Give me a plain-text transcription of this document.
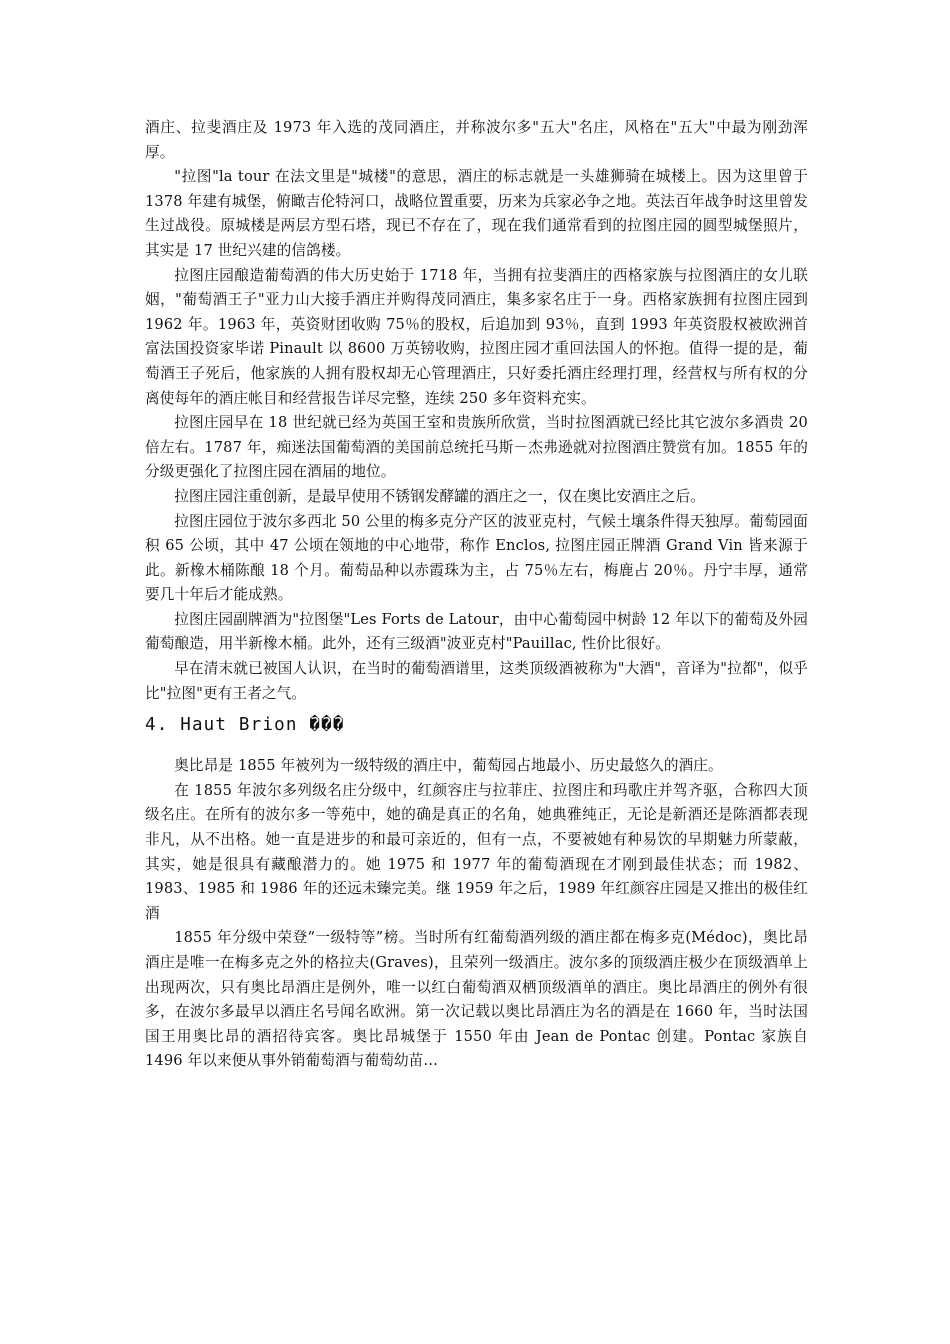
酒庄、拉斐酒庄及 1973 年入选的茂同酒庄，并称波尔多"五大"名庄，风格在"五大"中最为刚劲浑厚。

"拉图"la tour 在法文里是"城楼"的意思，酒庄的标志就是一头雄狮骑在城楼上。因为这里曾于 1378 年建有城堡，俯瞰吉伦特河口，战略位置重要，历来为兵家必争之地。英法百年战争时这里曾发生过战役。原城楼是两层方型石塔，现已不存在了，现在我们通常看到的拉图庄园的圆型城堡照片，其实是 17 世纪兴建的信鸽楼。

拉图庄园酿造葡萄酒的伟大历史始于 1718 年，当拥有拉斐酒庄的西格家族与拉图酒庄的女儿联姻，"葡萄酒王子"亚力山大接手酒庄并购得茂同酒庄，集多家名庄于一身。西格家族拥有拉图庄园到 1962 年。1963 年，英资财团收购 75％的股权，后追加到 93％，直到 1993 年英资股权被欧洲首富法国投资家毕诺 Pinault 以 8600 万英镑收购，拉图庄园才重回法国人的怀抱。值得一提的是，葡萄酒王子死后，他家族的人拥有股权却无心管理酒庄，只好委托酒庄经理打理，经营权与所有权的分离使每年的酒庄帐目和经营报告详尽完整，连续 250 多年资料充实。

拉图庄园早在 18 世纪就已经为英国王室和贵族所欣赏，当时拉图酒就已经比其它波尔多酒贵 20 倍左右。1787 年，痴迷法国葡萄酒的美国前总统托马斯－杰弗逊就对拉图酒庄赞赏有加。1855 年的分级更强化了拉图庄园在酒届的地位。

拉图庄园注重创新，是最早使用不锈钢发酵罐的酒庄之一，仅在奥比安酒庄之后。

拉图庄园位于波尔多西北 50 公里的梅多克分产区的波亚克村，气候土壤条件得天独厚。葡萄园面积 65 公顷，其中 47 公顷在领地的中心地带，称作 Enclos, 拉图庄园正牌酒 Grand Vin 皆来源于此。新橡木桶陈酿 18 个月。葡萄品种以赤霞珠为主，占 75％左右，梅鹿占 20％。丹宁丰厚，通常要几十年后才能成熟。

拉图庄园副牌酒为"拉图堡"Les Forts de Latour，由中心葡萄园中树龄 12 年以下的葡萄及外园葡萄酿造，用半新橡木桶。此外，还有三级酒"波亚克村"Pauillac, 性价比很好。

早在清末就已被国人认识，在当时的葡萄酒谱里，这类顶级酒被称为"大酒"，音译为"拉都"，似乎比"拉图"更有王者之气。

4. Haut Brion ���

奥比昂是 1855 年被列为一级特级的酒庄中，葡萄园占地最小、历史最悠久的酒庄。

在 1855 年波尔多列级名庄分级中，红颜容庄与拉菲庄、拉图庄和玛歌庄并驾齐驱，合称四大顶级名庄。在所有的波尔多一等苑中，她的确是真正的名角，她典雅纯正，无论是新酒还是陈酒都表现非凡，从不出格。她一直是进步的和最可亲近的，但有一点，不要被她有种易饮的早期魅力所蒙蔽，其实，她是很具有藏酿潜力的。她 1975 和 1977 年的葡萄酒现在才刚到最佳状态；而 1982、1983、1985 和 1986 年的还远未臻完美。继 1959 年之后，1989 年红颜容庄园是又推出的极佳红酒

1855 年分级中荣登“一级特等”榜。当时所有红葡萄酒列级的酒庄都在梅多克(Médoc)，奥比昂酒庄是唯一在梅多克之外的格拉夫(Graves)，且荣列一级酒庄。波尔多的顶级酒庄极少在顶级酒单上出现两次，只有奥比昂酒庄是例外，唯一以红白葡萄酒双栖顶级酒单的酒庄。奥比昂酒庄的例外有很多，在波尔多最早以酒庄名号闻名欧洲。第一次记载以奥比昂酒庄为名的酒是在 1660 年，当时法国国王用奥比昂的酒招待宾客。奥比昂城堡于 1550 年由 Jean de Pontac 创建。Pontac 家族自 1496 年以来便从事外销葡萄酒与葡萄幼苗…
